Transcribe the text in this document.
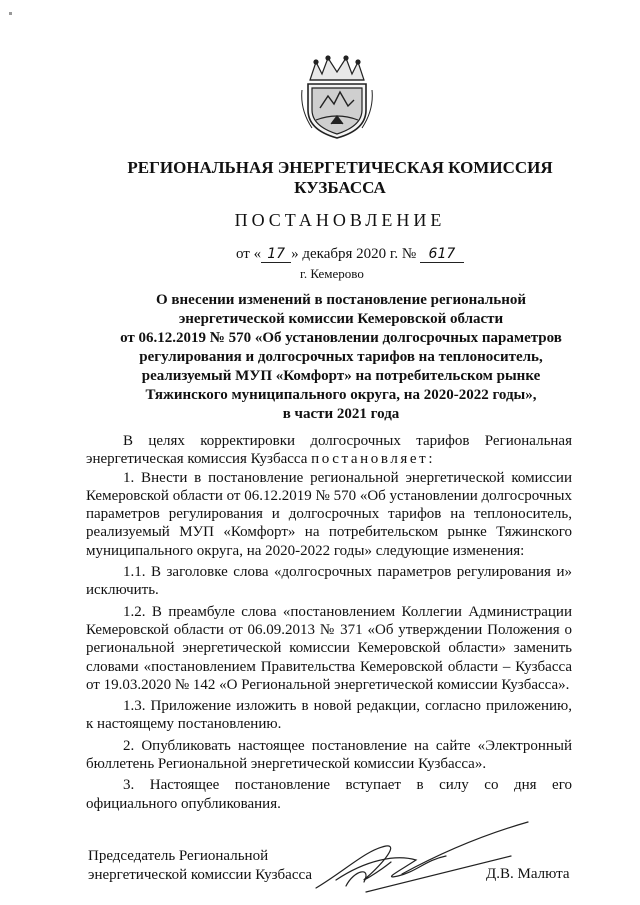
РЕГИОНАЛЬНАЯ ЭНЕРГЕТИЧЕСКАЯ КОМИССИЯ
КУЗБАССА
ПОСТАНОВЛЕНИЕ
от « 17 » декабря 2020 г. № 617
г. Кемерово
О внесении изменений в постановление региональной
энергетической комиссии Кемеровской области
от 06.12.2019 № 570 «Об установлении долгосрочных параметров
регулирования и долгосрочных тарифов на теплоноситель,
реализуемый МУП «Комфорт» на потребительском рынке
Тяжинского муниципального округа, на 2020-2022 годы»,
в части 2021 года

В целях корректировки долгосрочных тарифов Региональная энергетическая комиссия Кузбасса постановляет:

1. Внести в постановление региональной энергетической комиссии Кемеровской области от 06.12.2019 № 570 «Об установлении долгосрочных параметров регулирования и долгосрочных тарифов на теплоноситель, реализуемый МУП «Комфорт» на потребительском рынке Тяжинского муниципального округа, на 2020-2022 годы» следующие изменения:

1.1. В заголовке слова «долгосрочных параметров регулирования и» исключить.

1.2. В преамбуле слова «постановлением Коллегии Администрации Кемеровской области от 06.09.2013 № 371 «Об утверждении Положения о региональной энергетической комиссии Кемеровской области» заменить словами «постановлением Правительства Кемеровской области – Кузбасса от 19.03.2020 № 142 «О Региональной энергетической комиссии Кузбасса».

1.3. Приложение изложить в новой редакции, согласно приложению, к настоящему постановлению.

2. Опубликовать настоящее постановление на сайте «Электронный бюллетень Региональной энергетической комиссии Кузбасса».

3. Настоящее постановление вступает в силу со дня его официального опубликования.

Председатель Региональной
энергетической комиссии Кузбасса	Д.В. Малюта
